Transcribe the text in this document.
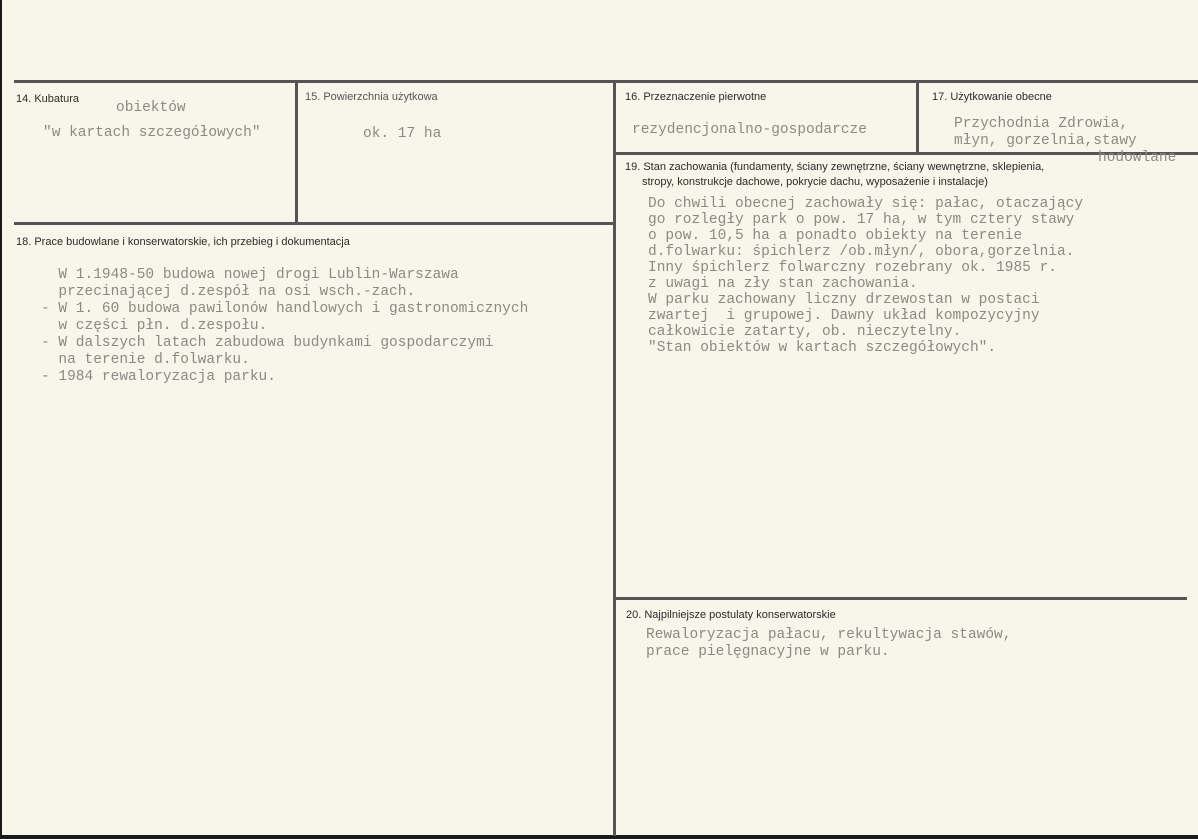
14. Kubatura
obiektów
"w kartach szczegółowych"
15. Powierzchnia użytkowa
ok. 17 ha
16. Przeznaczenie pierwotne
rezydencjonalno-gospodarcze
17. Użytkowanie obecne
Przychodnia Zdrowia,
młyn, gorzelnia,stawy
hodowlane
18. Prace budowlane i konserwatorskie, ich przebieg i dokumentacja
W 1.1948-50 budowa nowej drogi Lublin-Warszawa
przecinającej d.zespół na osi wsch.-zach.
- W 1. 60 budowa pawilonów handlowych i gastronomicznych
w części płn. d.zespołu.
- W dalszych latach zabudowa budynkami gospodarczymi
na terenie d.folwarku.
- 1984 rewaloryzacja parku.
19. Stan zachowania (fundamenty, ściany zewnętrzne, ściany wewnętrzne, sklepienia,
stropy, konstrukcje dachowe, pokrycie dachu, wyposażenie i instalacje)
Do chwili obecnej zachowały się: pałac, otaczający
go rozległy park o pow. 17 ha, w tym cztery stawy
o pow. 10,5 ha a ponadto obiekty na terenie
d.folwarku: śpichlerz /ob.młyn/, obora,gorzelnia.
Inny śpichlerz folwarczny rozebrany ok. 1985 r.
z uwagi na zły stan zachowania.
W parku zachowany liczny drzewostan w postaci
zwartej  i grupowej. Dawny układ kompozycyjny
całkowicie zatarty, ob. nieczytelny.
"Stan obiektów w kartach szczegółowych".
20. Najpilniejsze postulaty konserwatorskie
Rewaloryzacja pałacu, rekultywacja stawów,
prace pielęgnacyjne w parku.
